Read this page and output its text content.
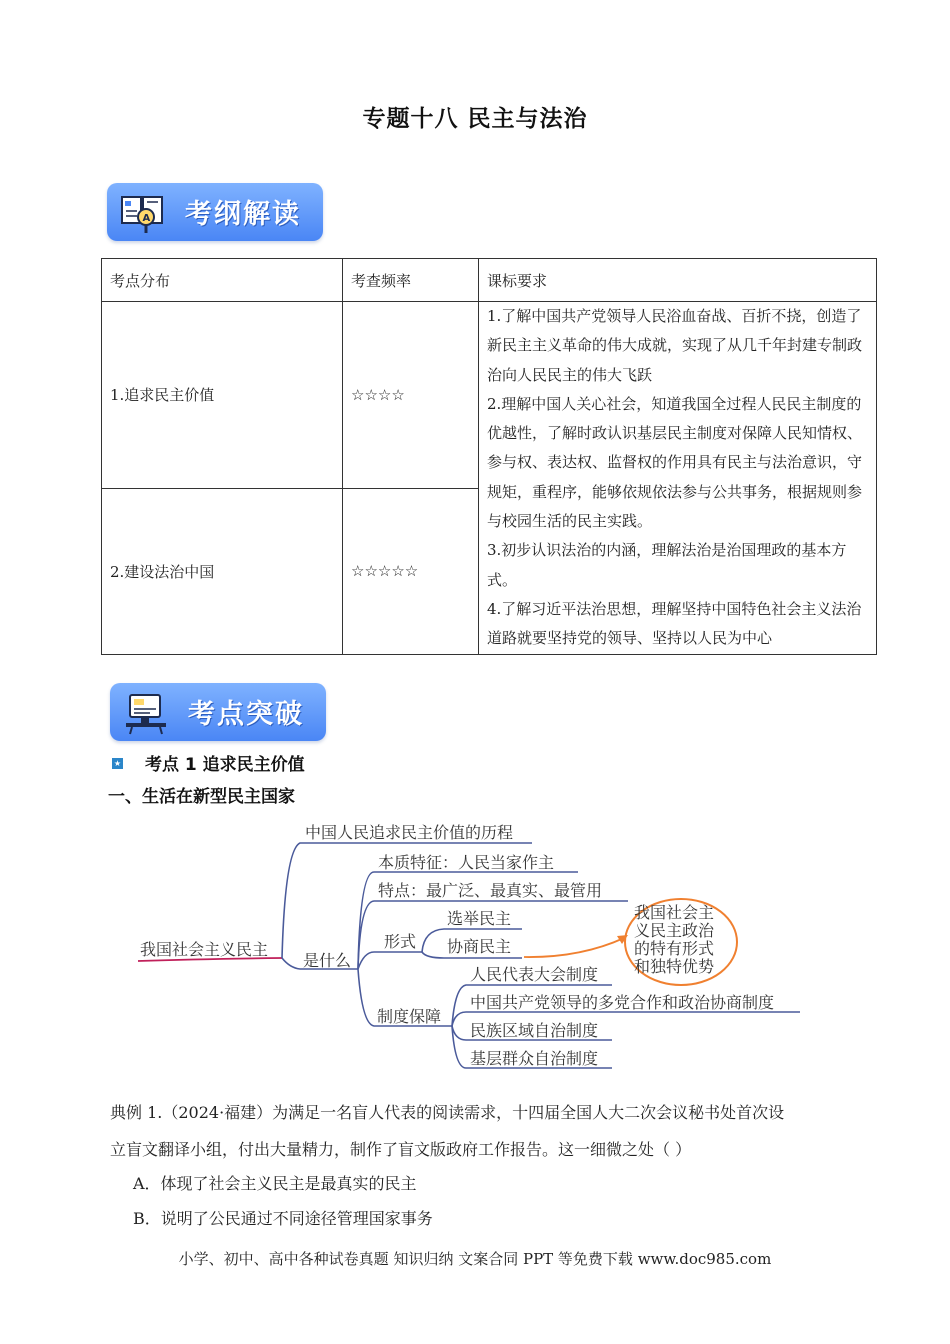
专题十八 民主与法治
A 考纲解读
考点分布	考查频率	课标要求
1.追求民主价值	☆☆☆☆	1.了解中国共产党领导人民浴血奋战、百折不挠，创造了新民主主义革命的伟大成就，实现了从几千年封建专制政治向人民民主的伟大飞跃

2.理解中国人关心社会，知道我国全过程人民民主制度的优越性，了解时政认识基层民主制度对保障人民知情权、参与权、表达权、监督权的作用具有民主与法治意识，守规矩，重程序，能够依规依法参与公共事务，根据规则参与校园生活的民主实践。

3.初步认识法治的内涵，理解法治是治国理政的基本方式。

4.了解习近平法治思想，理解坚持中国特色社会主义法治道路就要坚持党的领导、坚持以人民为中心

2.建设法治中国	☆☆☆☆☆	
考点突破
★ 考点 1 追求民主价值
一、生活在新型民主国家
我国社会主义民主
中国人民追求民主价值的历程
是什么
本质特征：人民当家作主
特点：最广泛、最真实、最管用
形式
选举民主
协商民主
我国社会主
义民主政治
的特有形式
和独特优势
制度保障
人民代表大会制度
中国共产党领导的多党合作和政治协商制度
民族区域自治制度
基层群众自治制度

典例 1.（2024·福建）为满足一名盲人代表的阅读需求，十四届全国人大二次会议秘书处首次设

立盲文翻译小组，付出大量精力，制作了盲文版政府工作报告。这一细微之处（ ）

A．体现了社会主义民主是最真实的民主
B．说明了公民通过不同途径管理国家事务
小学、初中、高中各种试卷真题 知识归纳 文案合同 PPT 等免费下载 www.doc985.com
